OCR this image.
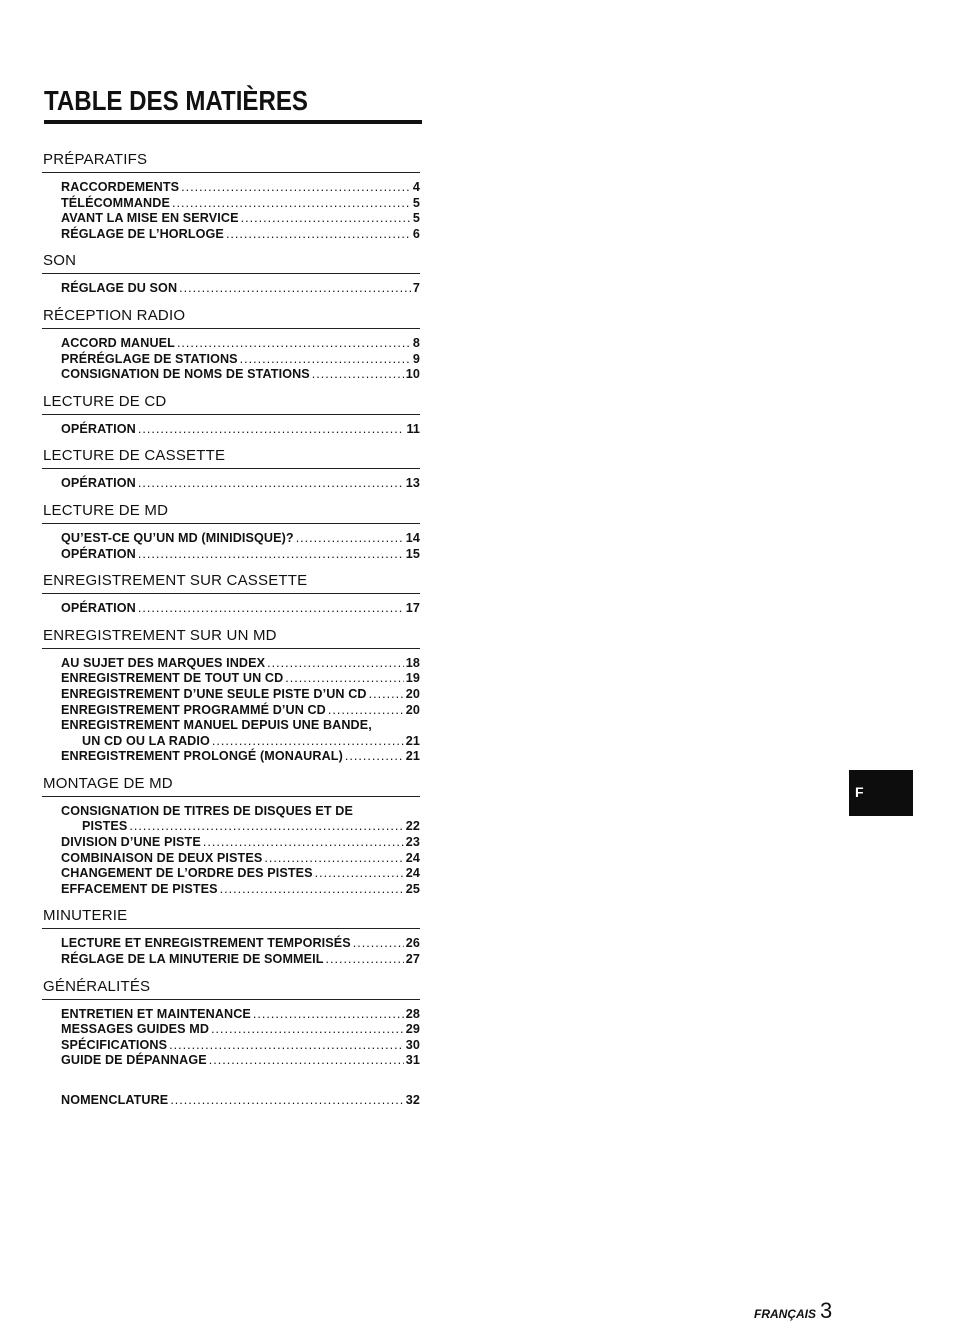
TABLE DES MATIÈRES
PRÉPARATIFS
RACCORDEMENTS .....	4
TÉLÉCOMMANDE .....	5
AVANT LA MISE EN SERVICE .....	5
RÉGLAGE DE L’HORLOGE .....	6
SON
RÉGLAGE DU SON .....	7
RÉCEPTION RADIO
ACCORD MANUEL .....	8
PRÉRÉGLAGE DE STATIONS .....	9
CONSIGNATION DE NOMS DE STATIONS .....	10
LECTURE DE CD
OPÉRATION .....	11
LECTURE DE CASSETTE
OPÉRATION .....	13
LECTURE DE MD
QU’EST-CE QU’UN MD (MINIDISQUE)? .....	14
OPÉRATION .....	15
ENREGISTREMENT SUR CASSETTE
OPÉRATION .....	17
ENREGISTREMENT SUR UN MD
AU SUJET DES MARQUES INDEX .....	18
ENREGISTREMENT DE TOUT UN CD .....	19
ENREGISTREMENT D’UNE SEULE PISTE D’UN CD .....	20
ENREGISTREMENT PROGRAMMÉ D’UN CD .....	20
ENREGISTREMENT MANUEL DEPUIS UNE BANDE,
UN CD OU LA RADIO .....	21
ENREGISTREMENT PROLONGÉ (MONAURAL) .....	21
MONTAGE DE MD
CONSIGNATION DE TITRES DE DISQUES ET DE
PISTES .....	22
DIVISION D’UNE PISTE .....	23
COMBINAISON DE DEUX PISTES .....	24
CHANGEMENT DE L’ORDRE DES PISTES .....	24
EFFACEMENT DE PISTES .....	25
MINUTERIE
LECTURE ET ENREGISTREMENT TEMPORISÉS .....	26
RÉGLAGE DE LA MINUTERIE DE SOMMEIL .....	27
GÉNÉRALITÉS
ENTRETIEN ET MAINTENANCE .....	28
MESSAGES GUIDES MD .....	29
SPÉCIFICATIONS .....	30
GUIDE DE DÉPANNAGE .....	31
NOMENCLATURE .....	32
F
FRANÇAIS 3
